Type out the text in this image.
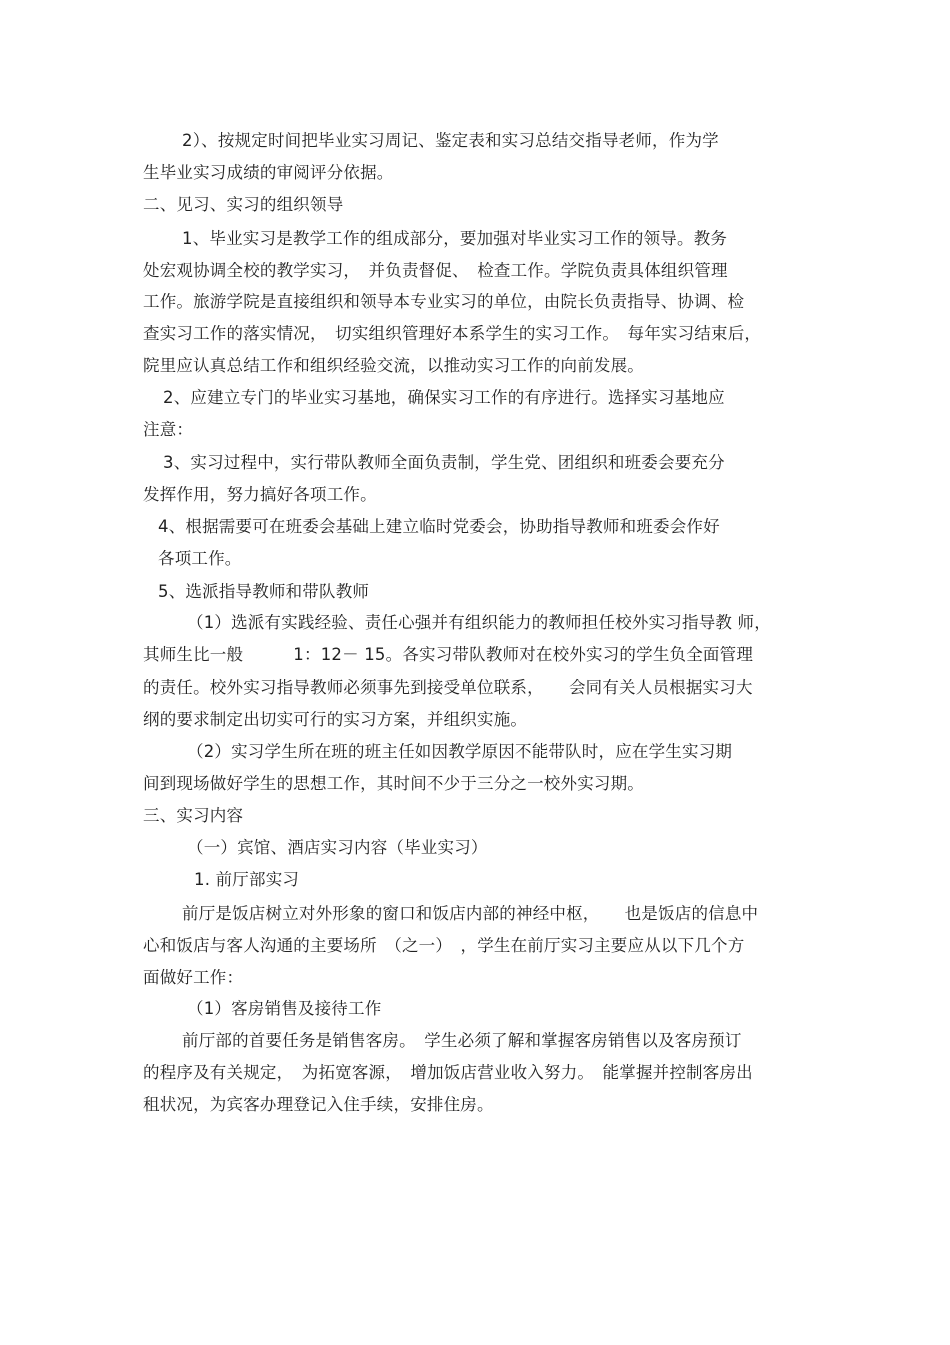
2）、按规定时间把毕业实习周记、鉴定表和实习总结交指导老师，作为学
生毕业实习成绩的审阅评分依据。
二、见习、实习的组织领导
1、毕业实习是教学工作的组成部分，要加强对毕业实习工作的领导。教务
处宏观协调全校的教学实习，　并负责督促、　检查工作。学院负责具体组织管理
工作。旅游学院是直接组织和领导本专业实习的单位，由院长负责指导、协调、检
查实习工作的落实情况，　切实组织管理好本系学生的实习工作。　每年实习结束后，
院里应认真总结工作和组织经验交流，以推动实习工作的向前发展。
2、应建立专门的毕业实习基地，确保实习工作的有序进行。选择实习基地应
注意：
3、实习过程中，实行带队教师全面负责制，学生党、团组织和班委会要充分
发挥作用，努力搞好各项工作。
4、根据需要可在班委会基础上建立临时党委会，协助指导教师和班委会作好
各项工作。
5、选派指导教师和带队教师
（1）选派有实践经验、责任心强并有组织能力的教师担任校外实习指导教 师，
其师生比一般　　　1：12－ 15。各实习带队教师对在校外实习的学生负全面管理
的责任。校外实习指导教师必须事先到接受单位联系，　　会同有关人员根据实习大
纲的要求制定出切实可行的实习方案，并组织实施。
（2）实习学生所在班的班主任如因教学原因不能带队时，应在学生实习期
间到现场做好学生的思想工作，其时间不少于三分之一校外实习期。
三、实习内容
（一）宾馆、酒店实习内容（毕业实习）
1. 前厅部实习
前厅是饭店树立对外形象的窗口和饭店内部的神经中枢，　　也是饭店的信息中
心和饭店与客人沟通的主要场所　（之一）　，学生在前厅实习主要应从以下几个方
面做好工作：
（1）客房销售及接待工作
前厅部的首要任务是销售客房。　学生必须了解和掌握客房销售以及客房预订
的程序及有关规定，　为拓宽客源，　增加饭店营业收入努力。　能掌握并控制客房出
租状况，为宾客办理登记入住手续，安排住房。
